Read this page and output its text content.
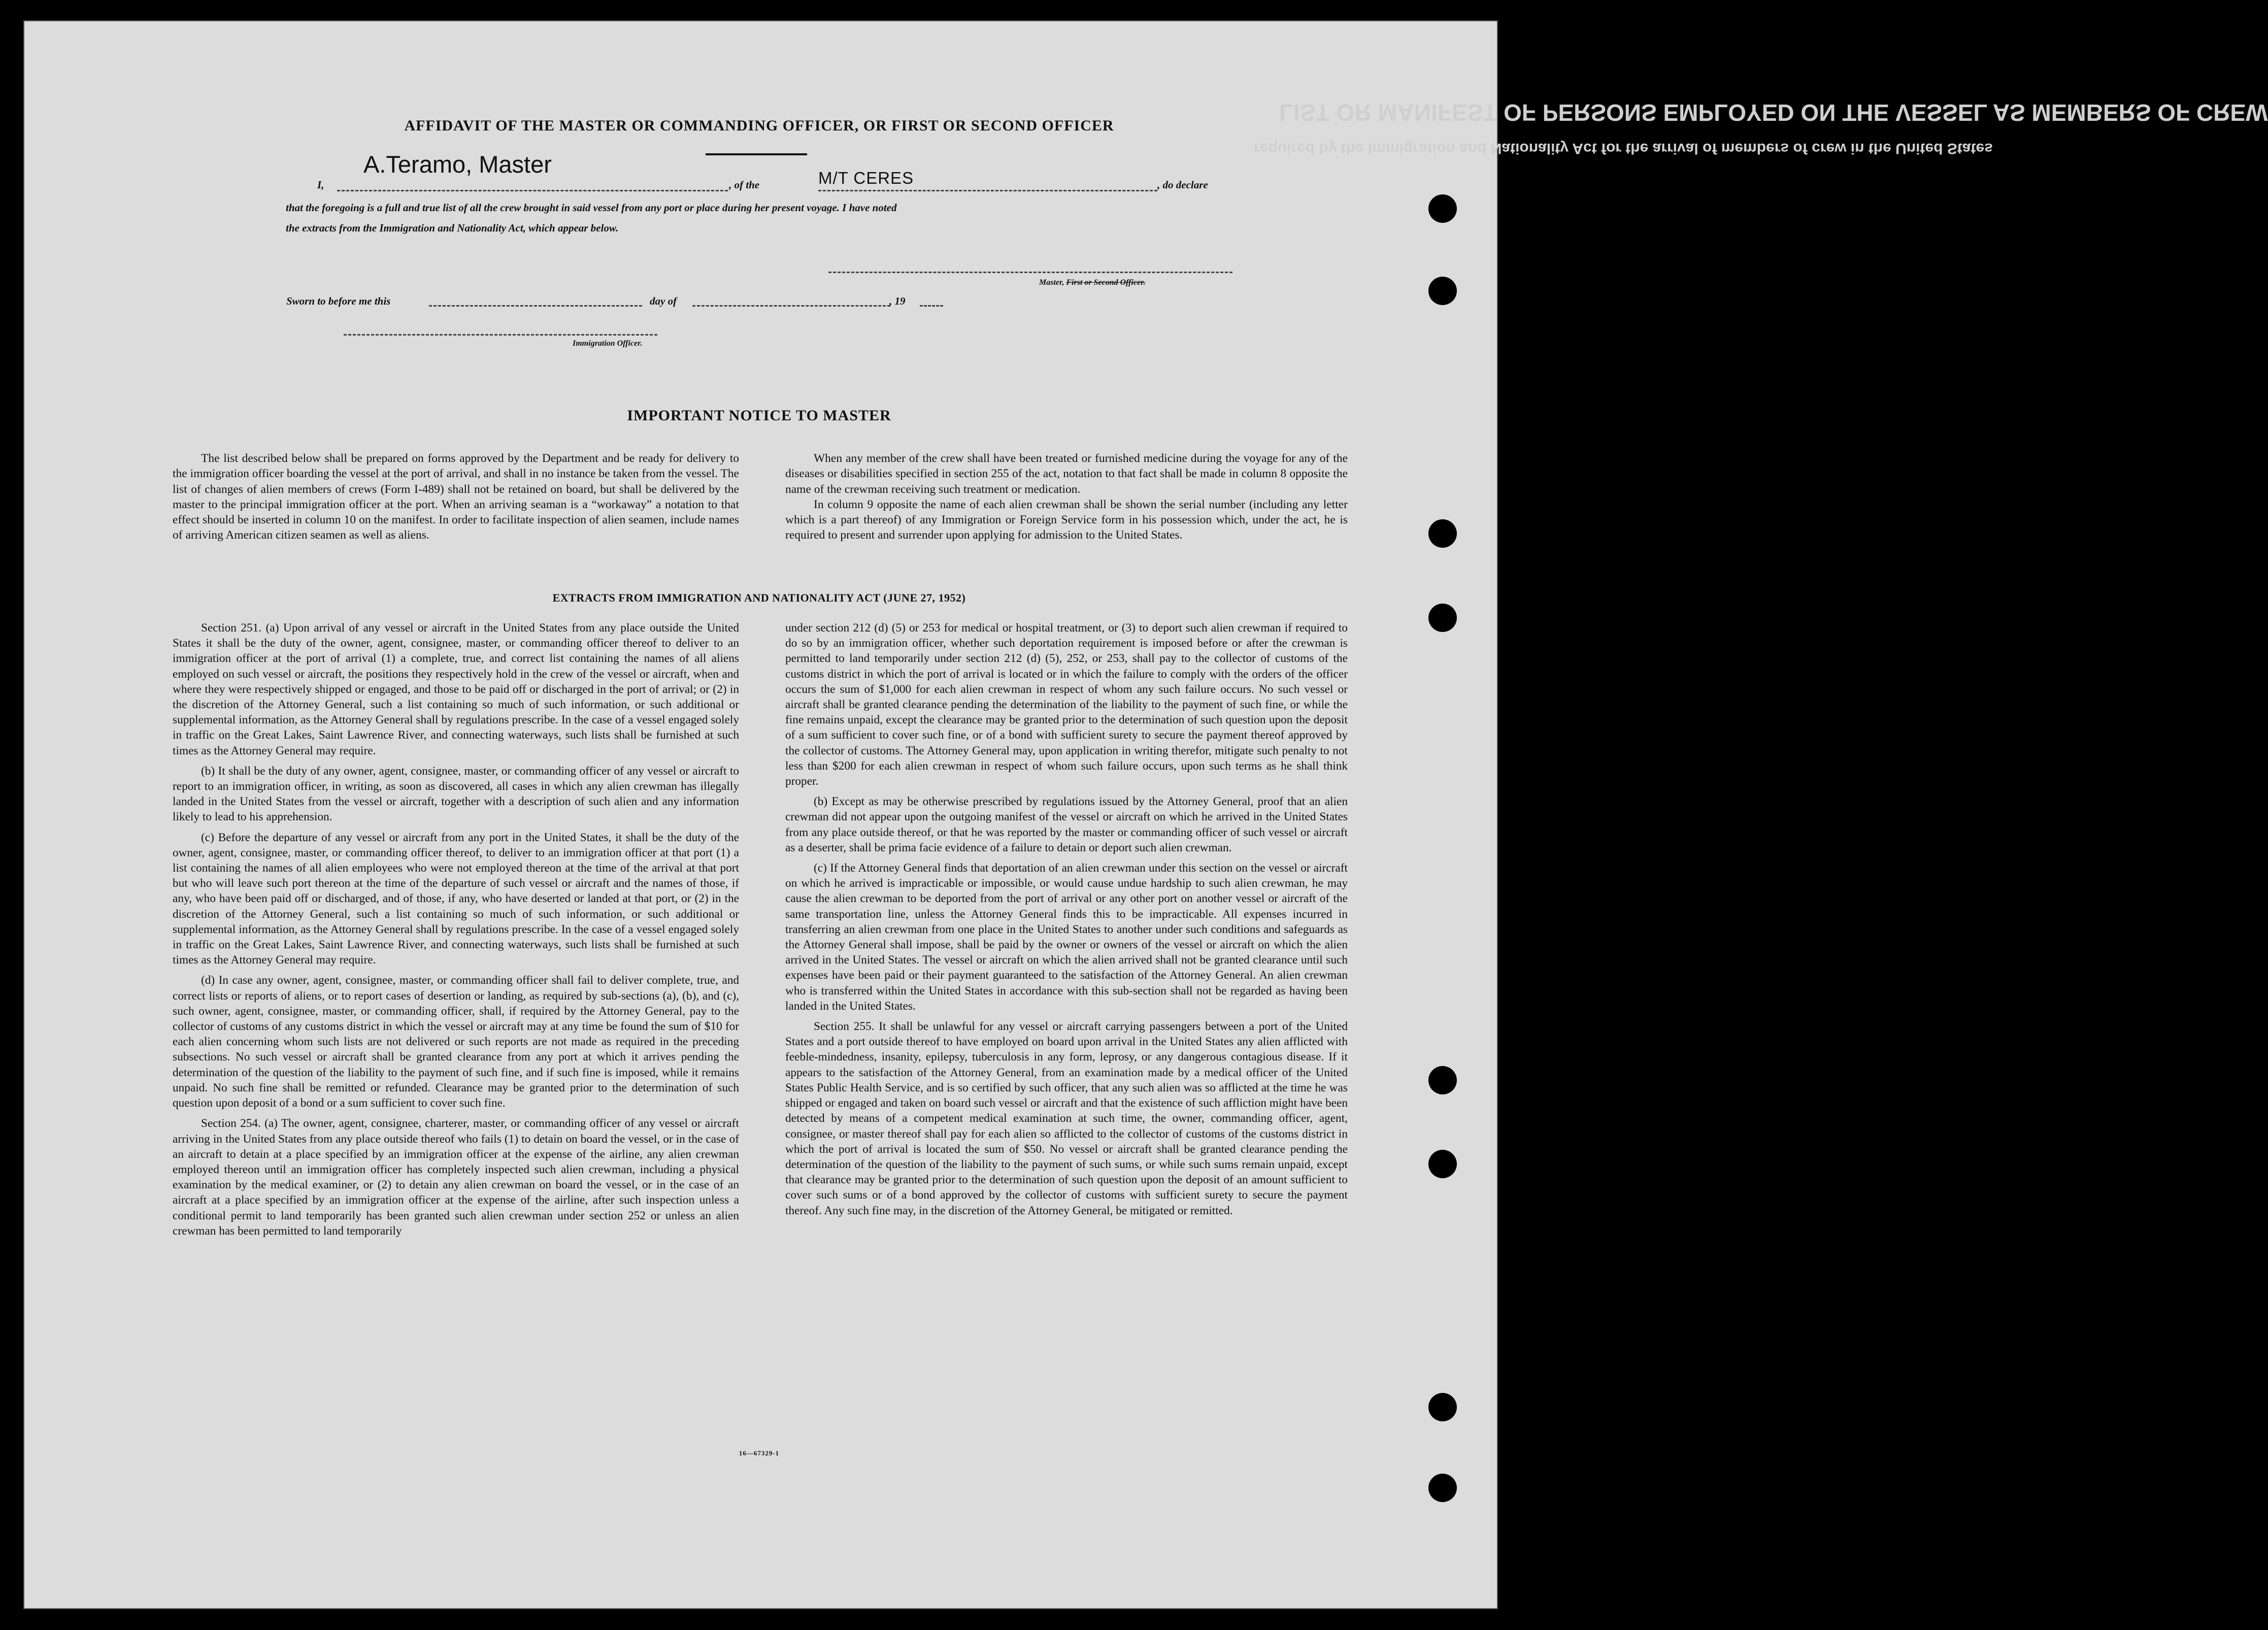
LIST OR MANIFEST OF PERSONS EMPLOYED ON THE VESSEL AS MEMBERS OF CREW
required by the Immigration and Nationality Act for the arrival of members of crew in the United States
AFFIDAVIT OF THE MASTER OR COMMANDING OFFICER, OR FIRST OR SECOND OFFICER
I,
A.Teramo, Master
, of the	M/T CERES	, do declare
that the foregoing is a full and true list of all the crew brought in said vessel from any port or place during her present voyage. I have noted
the extracts from the Immigration and Nationality Act, which appear below.
Master, First or Second Officer.
Sworn to before me this	day of	, 19
Immigration Officer.
IMPORTANT NOTICE TO MASTER

The list described below shall be prepared on forms approved by the Department and be ready for delivery to the immigration officer boarding the vessel at the port of arrival, and shall in no instance be taken from the vessel. The list of changes of alien members of crews (Form I-489) shall not be retained on board, but shall be delivered by the master to the principal immigration officer at the port. When an arriving seaman is a “workaway” a notation to that effect should be inserted in column 10 on the manifest. In order to facilitate inspection of alien seamen, include names of arriving American citizen seamen as well as aliens.

When any member of the crew shall have been treated or furnished medicine during the voyage for any of the diseases or disabilities specified in section 255 of the act, notation to that fact shall be made in column 8 opposite the name of the crewman receiving such treatment or medication.

In column 9 opposite the name of each alien crewman shall be shown the serial number (including any letter which is a part thereof) of any Immigration or Foreign Service form in his possession which, under the act, he is required to present and surrender upon applying for admission to the United States.

EXTRACTS FROM IMMIGRATION AND NATIONALITY ACT (JUNE 27, 1952)

Section 251. (a) Upon arrival of any vessel or aircraft in the United States from any place outside the United States it shall be the duty of the owner, agent, consignee, master, or commanding officer thereof to deliver to an immigration officer at the port of arrival (1) a complete, true, and correct list containing the names of all aliens employed on such vessel or aircraft, the positions they respectively hold in the crew of the vessel or aircraft, when and where they were respectively shipped or engaged, and those to be paid off or discharged in the port of arrival; or (2) in the discretion of the Attorney General, such a list containing so much of such information, or such additional or supplemental information, as the Attorney General shall by regulations prescribe. In the case of a vessel engaged solely in traffic on the Great Lakes, Saint Lawrence River, and connecting waterways, such lists shall be furnished at such times as the Attorney General may require.

(b) It shall be the duty of any owner, agent, consignee, master, or commanding officer of any vessel or aircraft to report to an immigration officer, in writing, as soon as discovered, all cases in which any alien crewman has illegally landed in the United States from the vessel or aircraft, together with a description of such alien and any information likely to lead to his apprehension.

(c) Before the departure of any vessel or aircraft from any port in the United States, it shall be the duty of the owner, agent, consignee, master, or commanding officer thereof, to deliver to an immigration officer at that port (1) a list containing the names of all alien employees who were not employed thereon at the time of the arrival at that port but who will leave such port thereon at the time of the departure of such vessel or aircraft and the names of those, if any, who have been paid off or discharged, and of those, if any, who have deserted or landed at that port, or (2) in the discretion of the Attorney General, such a list containing so much of such information, or such additional or supplemental information, as the Attorney General shall by regulations prescribe. In the case of a vessel engaged solely in traffic on the Great Lakes, Saint Lawrence River, and connecting waterways, such lists shall be furnished at such times as the Attorney General may require.

(d) In case any owner, agent, consignee, master, or commanding officer shall fail to deliver complete, true, and correct lists or reports of aliens, or to report cases of desertion or landing, as required by sub-sections (a), (b), and (c), such owner, agent, consignee, master, or commanding officer, shall, if required by the Attorney General, pay to the collector of customs of any customs district in which the vessel or aircraft may at any time be found the sum of $10 for each alien concerning whom such lists are not delivered or such reports are not made as required in the preceding subsections. No such vessel or aircraft shall be granted clearance from any port at which it arrives pending the determination of the question of the liability to the payment of such fine, and if such fine is imposed, while it remains unpaid. No such fine shall be remitted or refunded. Clearance may be granted prior to the determination of such question upon deposit of a bond or a sum sufficient to cover such fine.

Section 254. (a) The owner, agent, consignee, charterer, master, or commanding officer of any vessel or aircraft arriving in the United States from any place outside thereof who fails (1) to detain on board the vessel, or in the case of an aircraft to detain at a place specified by an immigration officer at the expense of the airline, any alien crewman employed thereon until an immigration officer has completely inspected such alien crewman, including a physical examination by the medical examiner, or (2) to detain any alien crewman on board the vessel, or in the case of an aircraft at a place specified by an immigration officer at the expense of the airline, after such inspection unless a conditional permit to land temporarily has been granted such alien crewman under section 252 or unless an alien crewman has been permitted to land temporarily

under section 212 (d) (5) or 253 for medical or hospital treatment, or (3) to deport such alien crewman if required to do so by an immigration officer, whether such deportation requirement is imposed before or after the crewman is permitted to land temporarily under section 212 (d) (5), 252, or 253, shall pay to the collector of customs of the customs district in which the port of arrival is located or in which the failure to comply with the orders of the officer occurs the sum of $1,000 for each alien crewman in respect of whom any such failure occurs. No such vessel or aircraft shall be granted clearance pending the determination of the liability to the payment of such fine, or while the fine remains unpaid, except the clearance may be granted prior to the determination of such question upon the deposit of a sum sufficient to cover such fine, or of a bond with sufficient surety to secure the payment thereof approved by the collector of customs. The Attorney General may, upon application in writing therefor, mitigate such penalty to not less than $200 for each alien crewman in respect of whom such failure occurs, upon such terms as he shall think proper.

(b) Except as may be otherwise prescribed by regulations issued by the Attorney General, proof that an alien crewman did not appear upon the outgoing manifest of the vessel or aircraft on which he arrived in the United States from any place outside thereof, or that he was reported by the master or commanding officer of such vessel or aircraft as a deserter, shall be prima facie evidence of a failure to detain or deport such alien crewman.

(c) If the Attorney General finds that deportation of an alien crewman under this section on the vessel or aircraft on which he arrived is impracticable or impossible, or would cause undue hardship to such alien crewman, he may cause the alien crewman to be deported from the port of arrival or any other port on another vessel or aircraft of the same transportation line, unless the Attorney General finds this to be impracticable. All expenses incurred in transferring an alien crewman from one place in the United States to another under such conditions and safeguards as the Attorney General shall impose, shall be paid by the owner or owners of the vessel or aircraft on which the alien arrived in the United States. The vessel or aircraft on which the alien arrived shall not be granted clearance until such expenses have been paid or their payment guaranteed to the satisfaction of the Attorney General. An alien crewman who is transferred within the United States in accordance with this sub-section shall not be regarded as having been landed in the United States.

Section 255. It shall be unlawful for any vessel or aircraft carrying passengers between a port of the United States and a port outside thereof to have employed on board upon arrival in the United States any alien afflicted with feeble-mindedness, insanity, epilepsy, tuberculosis in any form, leprosy, or any dangerous contagious disease. If it appears to the satisfaction of the Attorney General, from an examination made by a medical officer of the United States Public Health Service, and is so certified by such officer, that any such alien was so afflicted at the time he was shipped or engaged and taken on board such vessel or aircraft and that the existence of such affliction might have been detected by means of a competent medical examination at such time, the owner, commanding officer, agent, consignee, or master thereof shall pay for each alien so afflicted to the collector of customs of the customs district in which the port of arrival is located the sum of $50. No vessel or aircraft shall be granted clearance pending the determination of the question of the liability to the payment of such sums, or while such sums remain unpaid, except that clearance may be granted prior to the determination of such question upon the deposit of an amount sufficient to cover such sums or of a bond approved by the collector of customs with sufficient surety to secure the payment thereof. Any such fine may, in the discretion of the Attorney General, be mitigated or remitted.

16—67329-1
